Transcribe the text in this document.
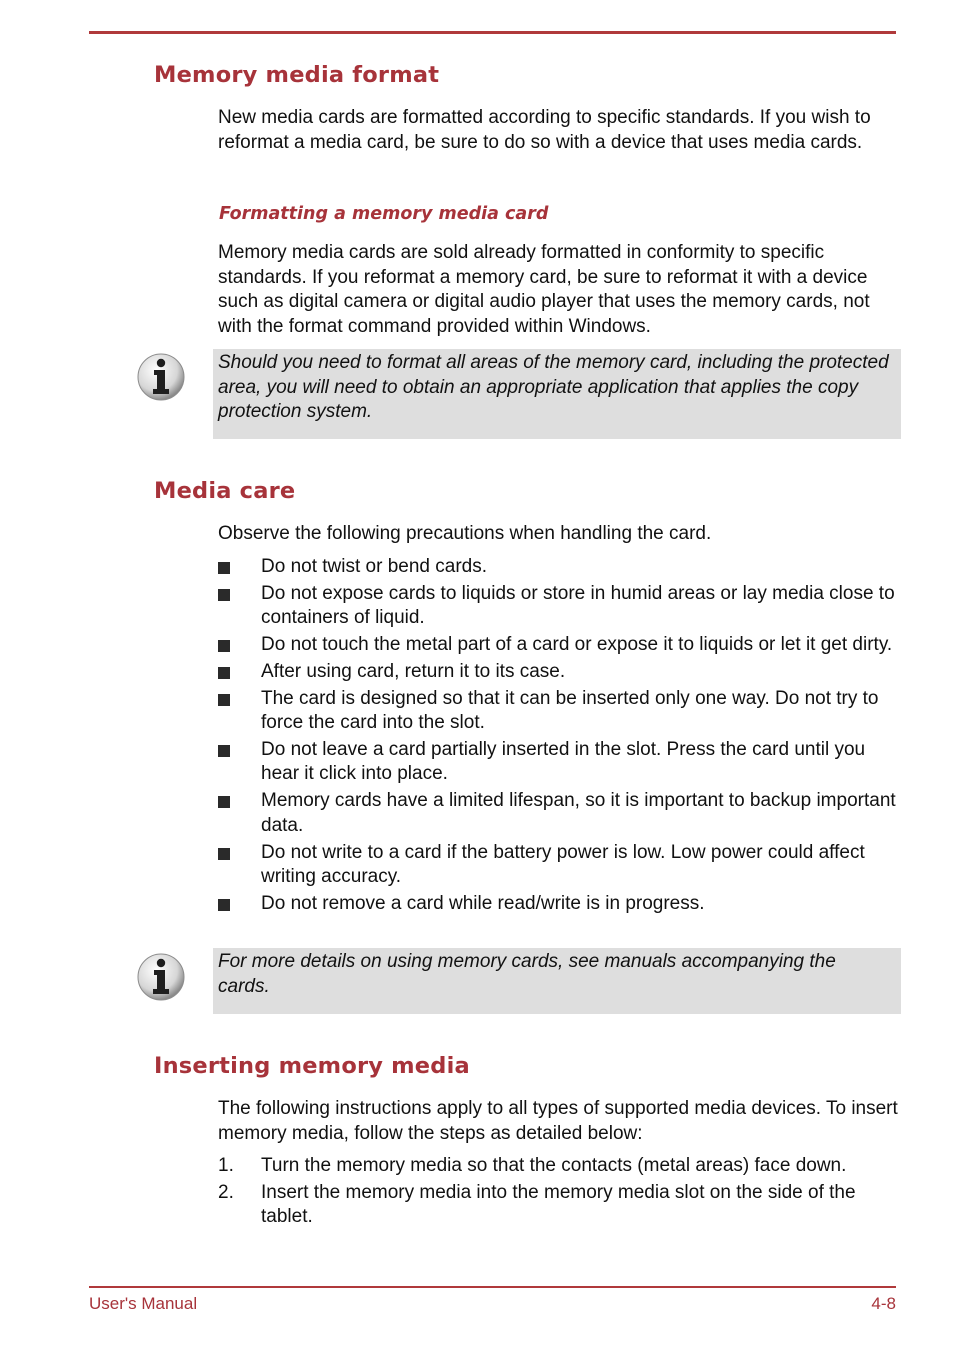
Memory media format

New media cards are formatted according to specific standards. If you wish to reformat a media card, be sure to do so with a device that uses media cards.

Formatting a memory media card

Memory media cards are sold already formatted in conformity to specific standards. If you reformat a memory card, be sure to reformat it with a device such as digital camera or digital audio player that uses the memory cards, not with the format command provided within Windows.

Should you need to format all areas of the memory card, including the protected area, you will need to obtain an appropriate application that applies the copy protection system.
Media care

Observe the following precautions when handling the card.

Do not twist or bend cards.
Do not expose cards to liquids or store in humid areas or lay media close to containers of liquid.
Do not touch the metal part of a card or expose it to liquids or let it get dirty.
After using card, return it to its case.
The card is designed so that it can be inserted only one way. Do not try to force the card into the slot.
Do not leave a card partially inserted in the slot. Press the card until you hear it click into place.
Memory cards have a limited lifespan, so it is important to backup important data.
Do not write to a card if the battery power is low. Low power could affect writing accuracy.
Do not remove a card while read/write is in progress.
For more details on using memory cards, see manuals accompanying the cards.
Inserting memory media

The following instructions apply to all types of supported media devices. To insert memory media, follow the steps as detailed below:

1. Turn the memory media so that the contacts (metal areas) face down.
2. Insert the memory media into the memory media slot on the side of the tablet.
User's Manual	4-8
